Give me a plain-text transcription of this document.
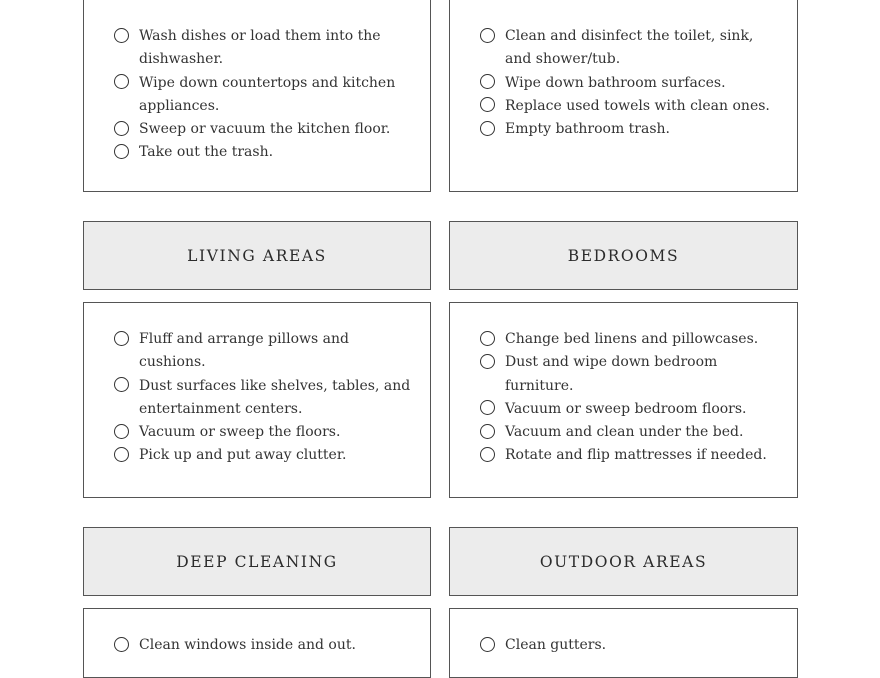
Wash dishes or load them into the dishwasher.
Wipe down countertops and kitchen appliances.
Sweep or vacuum the kitchen floor.
Take out the trash.
Clean and disinfect the toilet, sink, and shower/tub.
Wipe down bathroom surfaces.
Replace used towels with clean ones.
Empty bathroom trash.
LIVING AREAS	BEDROOMS
Fluff and arrange pillows and cushions.
Dust surfaces like shelves, tables, and entertainment centers.
Vacuum or sweep the floors.
Pick up and put away clutter.
Change bed linens and pillowcases.
Dust and wipe down bedroom furniture.
Vacuum or sweep bedroom floors.
Vacuum and clean under the bed.
Rotate and flip mattresses if needed.
DEEP CLEANING	OUTDOOR AREAS
Clean windows inside and out.	Clean gutters.
